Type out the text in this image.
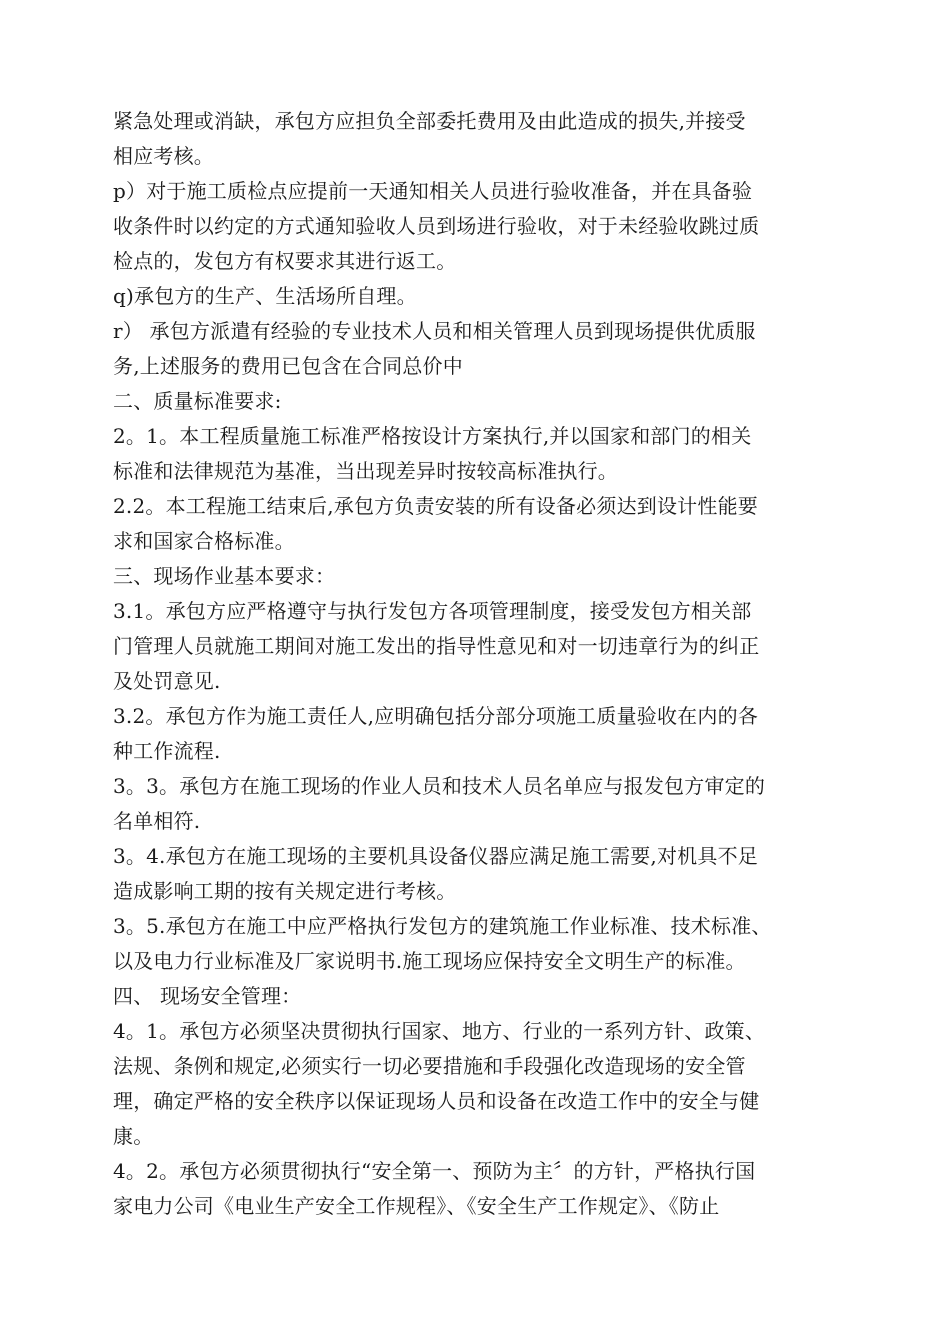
紧急处理或消缺，承包方应担负全部委托费用及由此造成的损失,并接受
相应考核。
p）对于施工质检点应提前一天通知相关人员进行验收准备，并在具备验
收条件时以约定的方式通知验收人员到场进行验收，对于未经验收跳过质
检点的，发包方有权要求其进行返工。
q)承包方的生产、生活场所自理。
r） 承包方派遣有经验的专业技术人员和相关管理人员到现场提供优质服
务,上述服务的费用已包含在合同总价中
二、质量标准要求:
2。1。本工程质量施工标准严格按设计方案执行,并以国家和部门的相关
标准和法律规范为基准，当出现差异时按较高标准执行。
2.2。本工程施工结束后,承包方负责安装的所有设备必须达到设计性能要
求和国家合格标准。
三、现场作业基本要求：
3.1。承包方应严格遵守与执行发包方各项管理制度，接受发包方相关部
门管理人员就施工期间对施工发出的指导性意见和对一切违章行为的纠正
及处罚意见.
3.2。承包方作为施工责任人,应明确包括分部分项施工质量验收在内的各
种工作流程.
3。3。承包方在施工现场的作业人员和技术人员名单应与报发包方审定的
名单相符.
3。4.承包方在施工现场的主要机具设备仪器应满足施工需要,对机具不足
造成影响工期的按有关规定进行考核。
3。5.承包方在施工中应严格执行发包方的建筑施工作业标准、技术标准、
以及电力行业标准及厂家说明书.施工现场应保持安全文明生产的标准。
四、 现场安全管理：
4。1。承包方必须坚决贯彻执行国家、地方、行业的一系列方针、政策、
法规、条例和规定,必须实行一切必要措施和手段强化改造现场的安全管
理，确定严格的安全秩序以保证现场人员和设备在改造工作中的安全与健
康。
4。2。承包方必须贯彻执行“安全第一、预防为主〞的方针，严格执行国
家电力公司《电业生产安全工作规程》、《安全生产工作规定》、《防止
